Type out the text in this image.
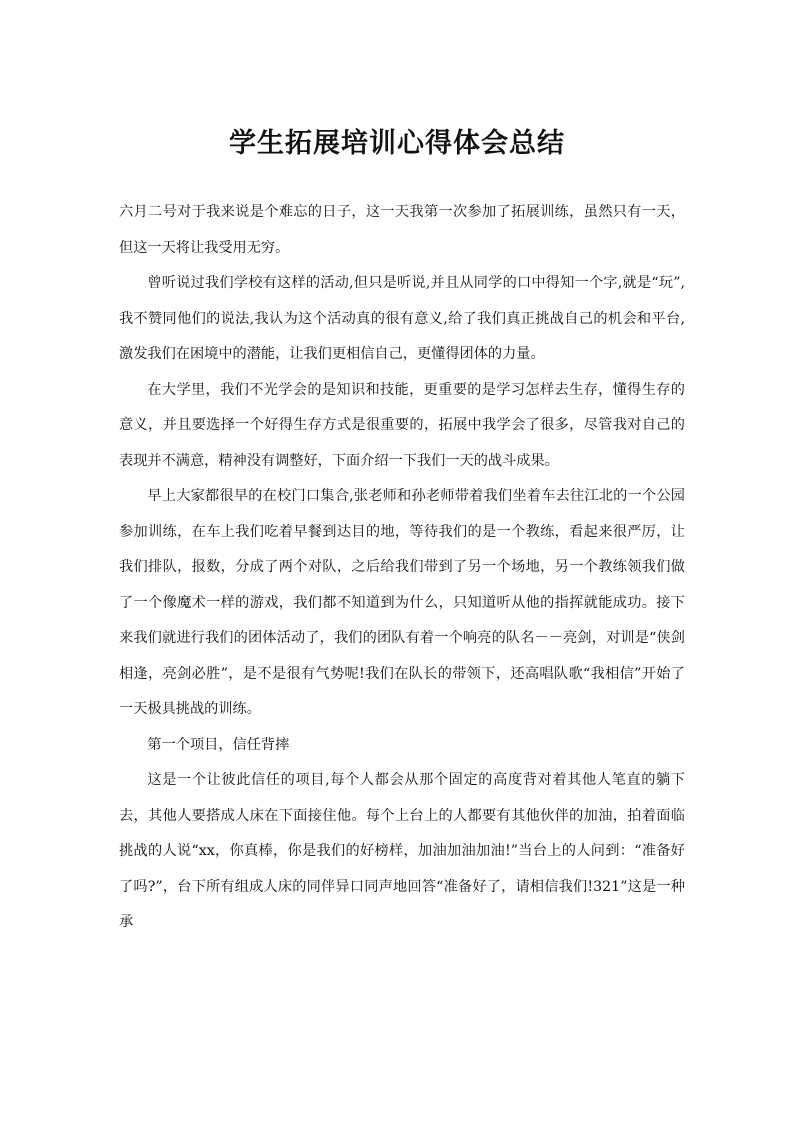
学生拓展培训心得体会总结

六月二号对于我来说是个难忘的日子，这一天我第一次参加了拓展训练，虽然只有一天，但这一天将让我受用无穷。

曾听说过我们学校有这样的活动,但只是听说,并且从同学的口中得知一个字,就是“玩”,我不赞同他们的说法,我认为这个活动真的很有意义,给了我们真正挑战自己的机会和平台,激发我们在困境中的潜能，让我们更相信自己，更懂得团体的力量。

在大学里，我们不光学会的是知识和技能，更重要的是学习怎样去生存，懂得生存的意义，并且要选择一个好得生存方式是很重要的，拓展中我学会了很多，尽管我对自己的表现并不满意，精神没有调整好，下面介绍一下我们一天的战斗成果。

早上大家都很早的在校门口集合,张老师和孙老师带着我们坐着车去往江北的一个公园参加训练，在车上我们吃着早餐到达目的地，等待我们的是一个教练，看起来很严厉，让我们排队，报数，分成了两个对队，之后给我们带到了另一个场地，另一个教练领我们做了一个像魔术一样的游戏，我们都不知道到为什么，只知道听从他的指挥就能成功。接下来我们就进行我们的团体活动了，我们的团队有着一个响亮的队名－－亮剑，对训是“侠剑相逢，亮剑必胜”，是不是很有气势呢!我们在队长的带领下，还高唱队歌“我相信”开始了一天极具挑战的训练。

第一个项目，信任背摔

这是一个让彼此信任的项目,每个人都会从那个固定的高度背对着其他人笔直的躺下去，其他人要搭成人床在下面接住他。每个上台上的人都要有其他伙伴的加油，拍着面临挑战的人说“xx，你真棒，你是我们的好榜样，加油加油加油!”当台上的人问到：“准备好了吗?”，台下所有组成人床的同伴异口同声地回答“准备好了，请相信我们!321”这是一种承
